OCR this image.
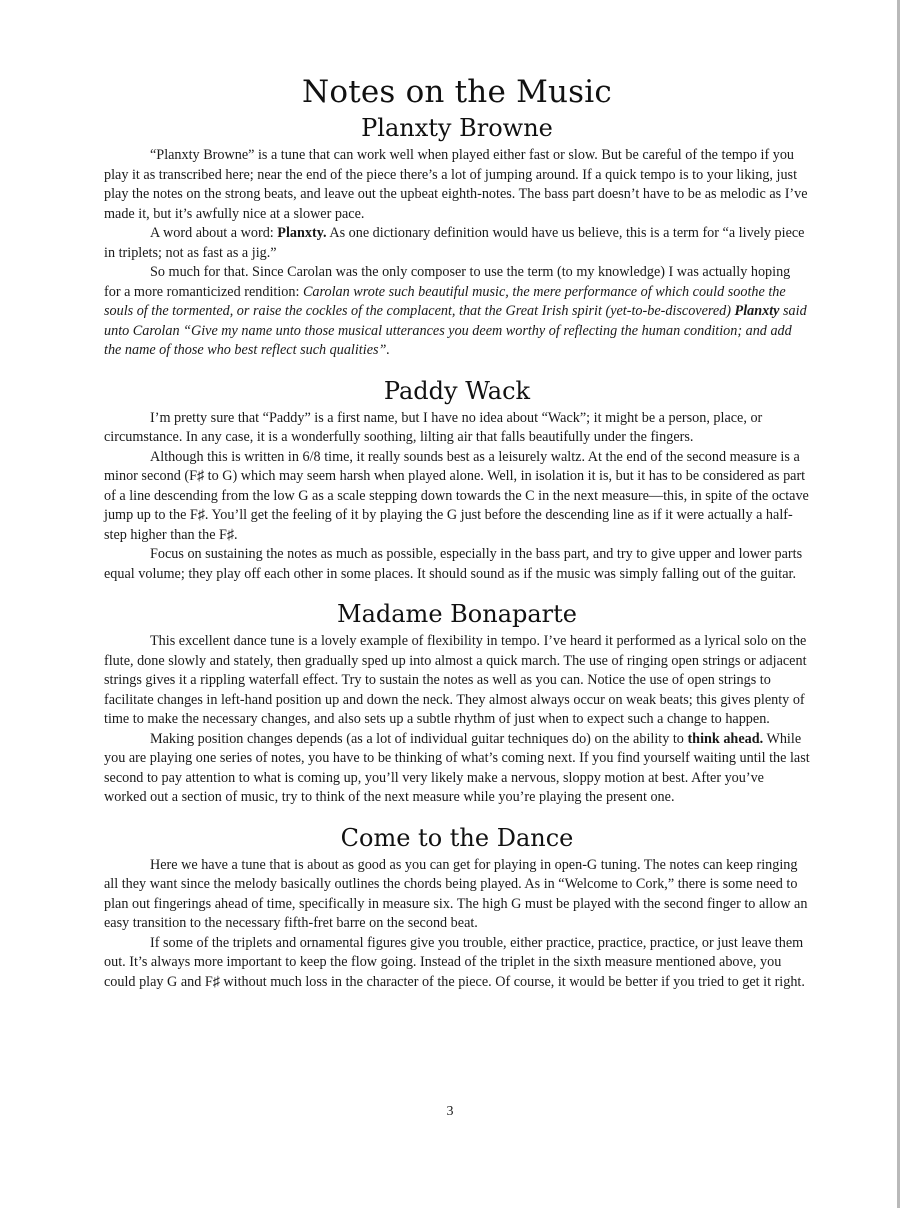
Notes on the Music
Planxty Browne

“Planxty Browne” is a tune that can work well when played either fast or slow. But be careful of the tempo if you play it as transcribed here; near the end of the piece there’s a lot of jumping around. If a quick tempo is to your liking, just play the notes on the strong beats, and leave out the upbeat eighth-notes. The bass part doesn’t have to be as melodic as I’ve made it, but it’s awfully nice at a slower pace.

A word about a word: Planxty. As one dictionary definition would have us believe, this is a term for “a lively piece in triplets; not as fast as a jig.”

So much for that. Since Carolan was the only composer to use the term (to my knowledge) I was actually hoping for a more romanticized rendition: Carolan wrote such beautiful music, the mere performance of which could soothe the souls of the tormented, or raise the cockles of the complacent, that the Great Irish spirit (yet-to-be-discovered) Planxty said unto Carolan “Give my name unto those musical utterances you deem worthy of reflecting the human condition; and add the name of those who best reflect such qualities”.

Paddy Wack

I’m pretty sure that “Paddy” is a first name, but I have no idea about “Wack”; it might be a person, place, or circumstance. In any case, it is a wonderfully soothing, lilting air that falls beautifully under the fingers.

Although this is written in 6/8 time, it really sounds best as a leisurely waltz. At the end of the second measure is a minor second (F♯ to G) which may seem harsh when played alone. Well, in isolation it is, but it has to be considered as part of a line descending from the low G as a scale stepping down towards the C in the next measure—this, in spite of the octave jump up to the F♯. You’ll get the feeling of it by playing the G just before the descending line as if it were actually a half-step higher than the F♯.

Focus on sustaining the notes as much as possible, especially in the bass part, and try to give upper and lower parts equal volume; they play off each other in some places. It should sound as if the music was simply falling out of the guitar.

Madame Bonaparte

This excellent dance tune is a lovely example of flexibility in tempo. I’ve heard it performed as a lyrical solo on the flute, done slowly and stately, then gradually sped up into almost a quick march. The use of ringing open strings or adjacent strings gives it a rippling waterfall effect. Try to sustain the notes as well as you can. Notice the use of open strings to facilitate changes in left-hand position up and down the neck. They almost always occur on weak beats; this gives plenty of time to make the necessary changes, and also sets up a subtle rhythm of just when to expect such a change to happen.

Making position changes depends (as a lot of individual guitar techniques do) on the ability to think ahead. While you are playing one series of notes, you have to be thinking of what’s coming next. If you find yourself waiting until the last second to pay attention to what is coming up, you’ll very likely make a nervous, sloppy motion at best. After you’ve worked out a section of music, try to think of the next measure while you’re playing the present one.

Come to the Dance

Here we have a tune that is about as good as you can get for playing in open-G tuning. The notes can keep ringing all they want since the melody basically outlines the chords being played. As in “Welcome to Cork,” there is some need to plan out fingerings ahead of time, specifically in measure six. The high G must be played with the second finger to allow an easy transition to the necessary fifth-fret barre on the second beat.

If some of the triplets and ornamental figures give you trouble, either practice, practice, practice, or just leave them out. It’s always more important to keep the flow going. Instead of the triplet in the sixth measure mentioned above, you could play G and F♯ without much loss in the character of the piece. Of course, it would be better if you tried to get it right.

3
